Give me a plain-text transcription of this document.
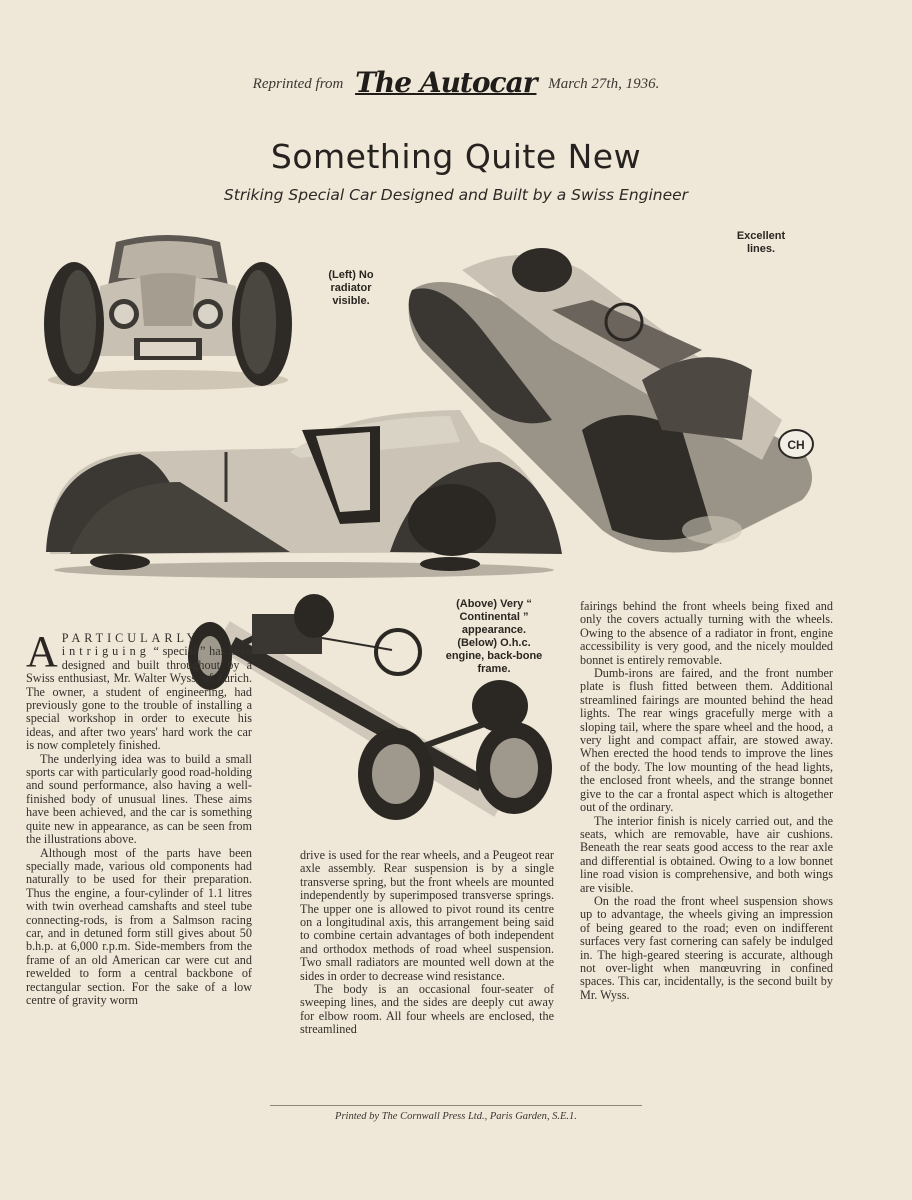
Reprinted from The Autocar March 27th, 1936.
Something Quite New
Striking Special Car Designed and Built by a Swiss Engineer
CH
Excellent lines.
(Left) No radiator visible.
(Above) Very “ Continental ” appearance. (Below) O.h.c. engine, back-bone frame.

A PARTICULARLY intriguing “ special ” has been designed and built throughout by a Swiss enthusiast, Mr. Walter Wyss, of Zurich. The owner, a student of engineering, had previously gone to the trouble of installing a special workshop in order to execute his ideas, and after two years' hard work the car is now completely finished.

The underlying idea was to build a small sports car with particularly good road-holding and sound performance, also having a well-finished body of unusual lines. These aims have been achieved, and the car is something quite new in appearance, as can be seen from the illustrations above.

Although most of the parts have been specially made, various old components had naturally to be used for their preparation. Thus the engine, a four-cylinder of 1.1 litres with twin overhead camshafts and steel tube connecting-rods, is from a Salmson racing car, and in detuned form still gives about 50 b.h.p. at 6,000 r.p.m. Side-members from the frame of an old American car were cut and rewelded to form a central backbone of rectangular section. For the sake of a low centre of gravity worm

drive is used for the rear wheels, and a Peugeot rear axle assembly. Rear suspension is by a single transverse spring, but the front wheels are mounted independently by superimposed transverse springs. The upper one is allowed to pivot round its centre on a longitudinal axis, this arrangement being said to combine certain advantages of both independent and orthodox methods of road wheel suspension. Two small radiators are mounted well down at the sides in order to decrease wind resistance.

The body is an occasional four-seater of sweeping lines, and the sides are deeply cut away for elbow room. All four wheels are enclosed, the streamlined

fairings behind the front wheels being fixed and only the covers actually turning with the wheels. Owing to the absence of a radiator in front, engine accessibility is very good, and the nicely moulded bonnet is entirely removable.

Dumb-irons are faired, and the front number plate is flush fitted between them. Additional streamlined fairings are mounted behind the head lights. The rear wings gracefully merge with a sloping tail, where the spare wheel and the hood, a very light and compact affair, are stowed away. When erected the hood tends to improve the lines of the body. The low mounting of the head lights, the enclosed front wheels, and the strange bonnet give to the car a frontal aspect which is altogether out of the ordinary.

The interior finish is nicely carried out, and the seats, which are removable, have air cushions. Beneath the rear seats good access to the rear axle and differential is obtained. Owing to a low bonnet line road vision is comprehensive, and both wings are visible.

On the road the front wheel suspension shows up to advantage, the wheels giving an impression of being geared to the road; even on indifferent surfaces very fast cornering can safely be indulged in. The high-geared steering is accurate, although not over-light when manœuvring in confined spaces. This car, incidentally, is the second built by Mr. Wyss.

Printed by The Cornwall Press Ltd., Paris Garden, S.E.1.
